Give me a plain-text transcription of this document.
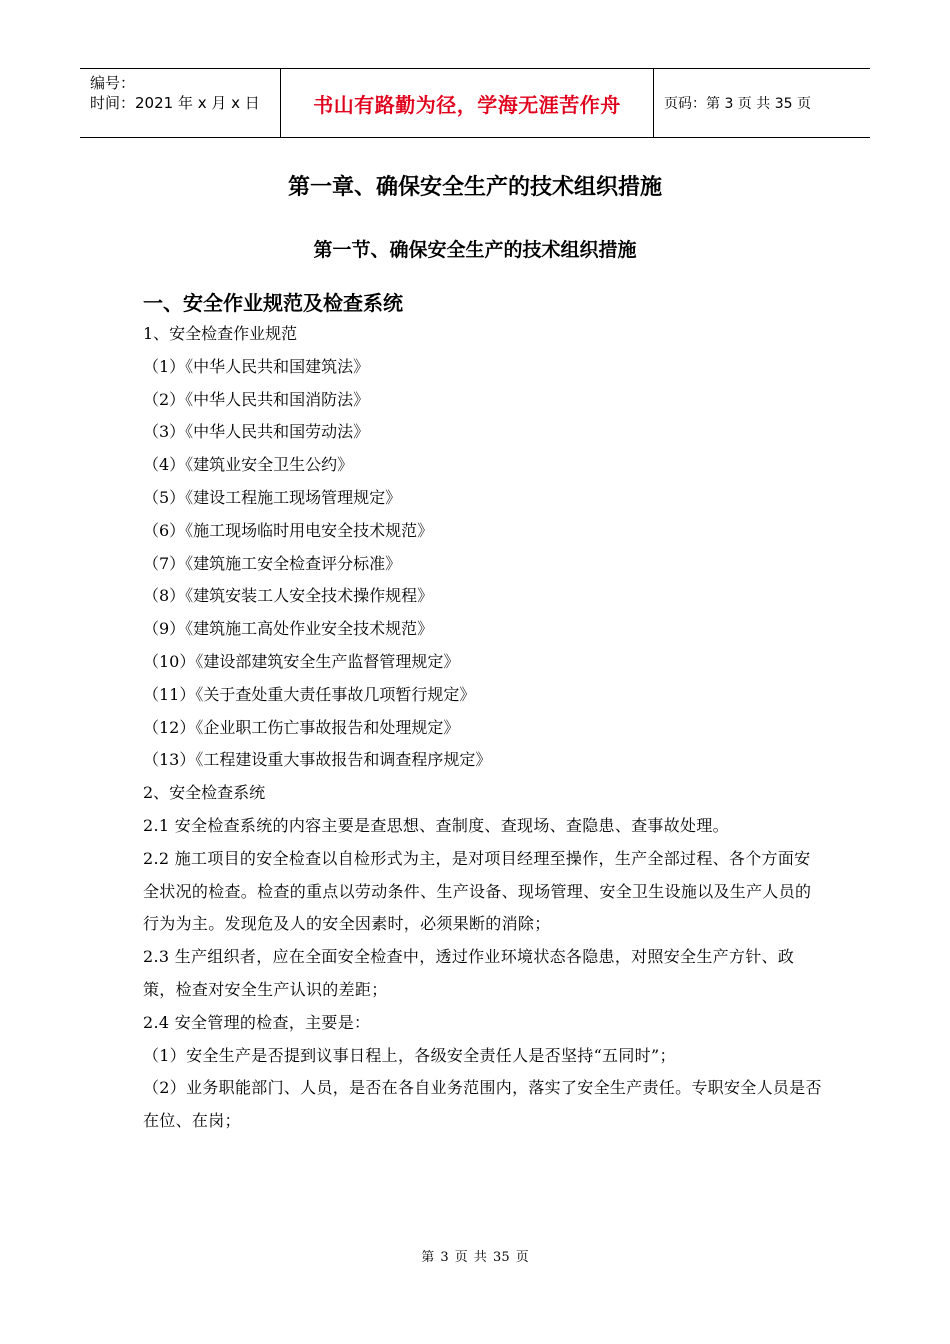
编号：
时间：2021 年 x 月 x 日	书山有路勤为径，学海无涯苦作舟	页码：第 3 页 共 35 页
第一章、确保安全生产的技术组织措施
第一节、确保安全生产的技术组织措施
一、安全作业规范及检查系统
1、安全检查作业规范
（1）《中华人民共和国建筑法》
（2）《中华人民共和国消防法》
（3）《中华人民共和国劳动法》
（4）《建筑业安全卫生公约》
（5）《建设工程施工现场管理规定》
（6）《施工现场临时用电安全技术规范》
（7）《建筑施工安全检查评分标准》
（8）《建筑安装工人安全技术操作规程》
（9）《建筑施工高处作业安全技术规范》
（10）《建设部建筑安全生产监督管理规定》
（11）《关于查处重大责任事故几项暂行规定》
（12）《企业职工伤亡事故报告和处理规定》
（13）《工程建设重大事故报告和调查程序规定》
2、安全检查系统
2.1 安全检查系统的内容主要是查思想、查制度、查现场、查隐患、查事故处理。
2.2 施工项目的安全检查以自检形式为主，是对项目经理至操作，生产全部过程、各个方面安全状况的检查。检查的重点以劳动条件、生产设备、现场管理、安全卫生设施以及生产人员的行为为主。发现危及人的安全因素时，必须果断的消除；
2.3 生产组织者，应在全面安全检查中，透过作业环境状态各隐患，对照安全生产方针、政策，检查对安全生产认识的差距；
2.4 安全管理的检查，主要是：
（1）安全生产是否提到议事日程上，各级安全责任人是否坚持“五同时”；
（2）业务职能部门、人员，是否在各自业务范围内，落实了安全生产责任。专职安全人员是否在位、在岗；
第 3 页 共 35 页
